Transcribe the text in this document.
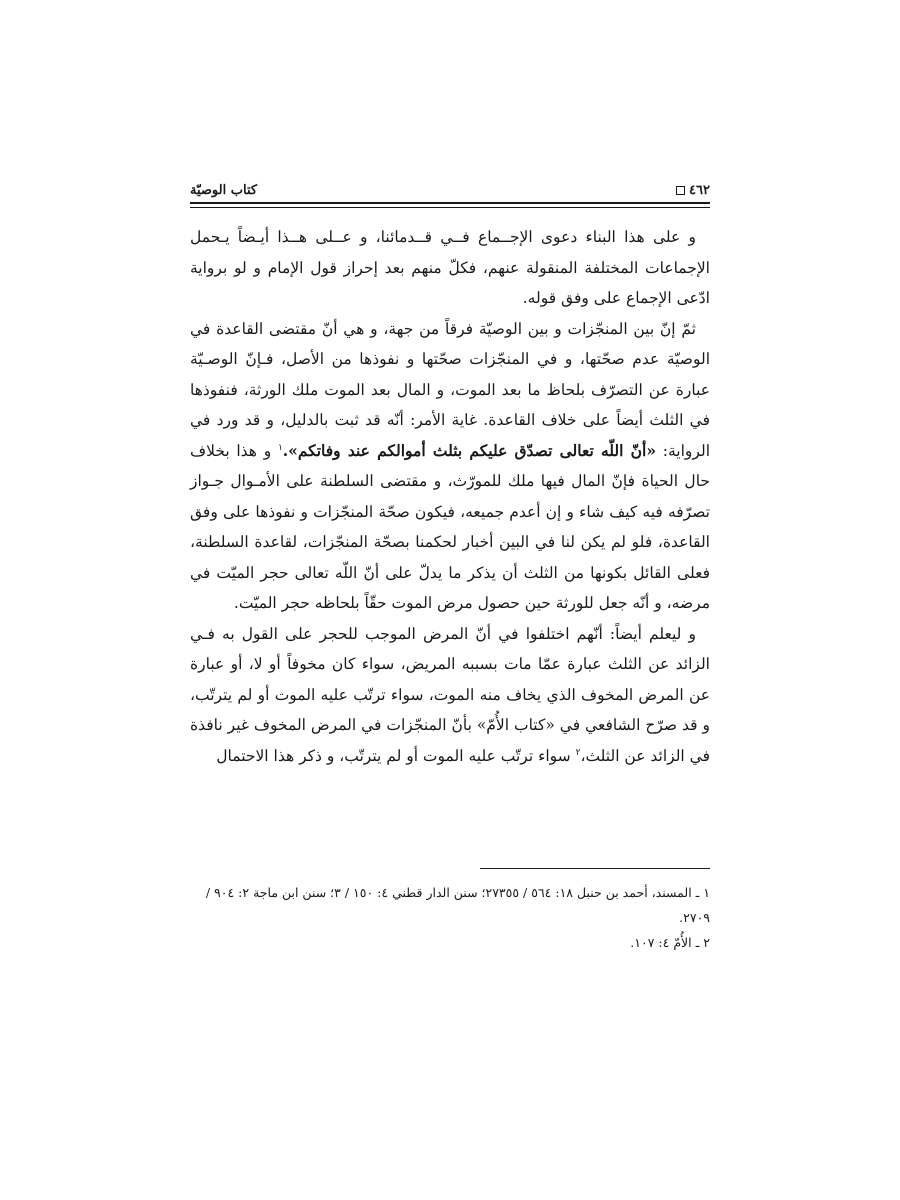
كتاب الوصيّة	٤٦٢

و على هذا البناء دعوى الإجــماع فــي قــدمائنا، و عــلى هــذا أيـضاً يـحمل الإجماعات المختلفة المنقولة عنهم، فكلّ منهم بعد إحراز قول الإمام و لو برواية ادّعى الإجماع على وفق قوله.

ثمّ إنّ بين المنجّزات و بين الوصيّة فرقاً من جهة، و هي أنّ مقتضى القاعدة في الوصيّة عدم صحّتها، و في المنجّزات صحّتها و نفوذها من الأصل، فـإنّ الوصـيّة عبارة عن التصرّف بلحاظ ما بعد الموت، و المال بعد الموت ملك الورثة، فنفوذها في الثلث أيضاً على خلاف القاعدة. غاية الأمر: أنّه قد ثبت بالدليل، و قد ورد في الرواية: «أنّ اللّه تعالى تصدّق عليكم بثلث أموالكم عند وفاتكم».$^١$ و هذا بخلاف حال الحياة فإنّ المال فيها ملك للمورّث، و مقتضى السلطنة على الأمـوال جـواز تصرّفه فيه كيف شاء و إن أعدم جميعه، فيكون صحّة المنجّزات و نفوذها على وفق القاعدة، فلو لم يكن لنا في البين أخبار لحكمنا بصحّة المنجّزات، لقاعدة السلطنة، فعلى القائل بكونها من الثلث أن يذكر ما يدلّ على أنّ اللّه تعالى حجر الميّت في مرضه، و أنّه جعل للورثة حين حصول مرض الموت حقّاً بلحاظه حجر الميّت.

و ليعلم أيضاً: أنّهم اختلفوا في أنّ المرض الموجب للحجر على القول به فـي الزائد عن الثلث عبارة عمّا مات بسببه المريض، سواء كان مخوفاً أو لا، أو عبارة عن المرض المخوف الذي يخاف منه الموت، سواء ترتّب عليه الموت أو لم يترتّب، و قد صرّح الشافعي في «كتاب الأُمّ» بأنّ المنجّزات في المرض المخوف غير نافذة في الزائد عن الثلث،$^٢$ سواء ترتّب عليه الموت أو لم يترتّب، و ذكر هذا الاحتمال

١ ـ المسند، أحمد بن حنبل ١٨: ٥٦٤ / ٢٧٣٥٥؛ سنن الدار قطني ٤: ١٥٠ / ٣؛ سنن ابن ماجة ٢: ٩٠٤ / ٢٧٠٩.
٢ ـ الأُمّ ٤: ١٠٧.
